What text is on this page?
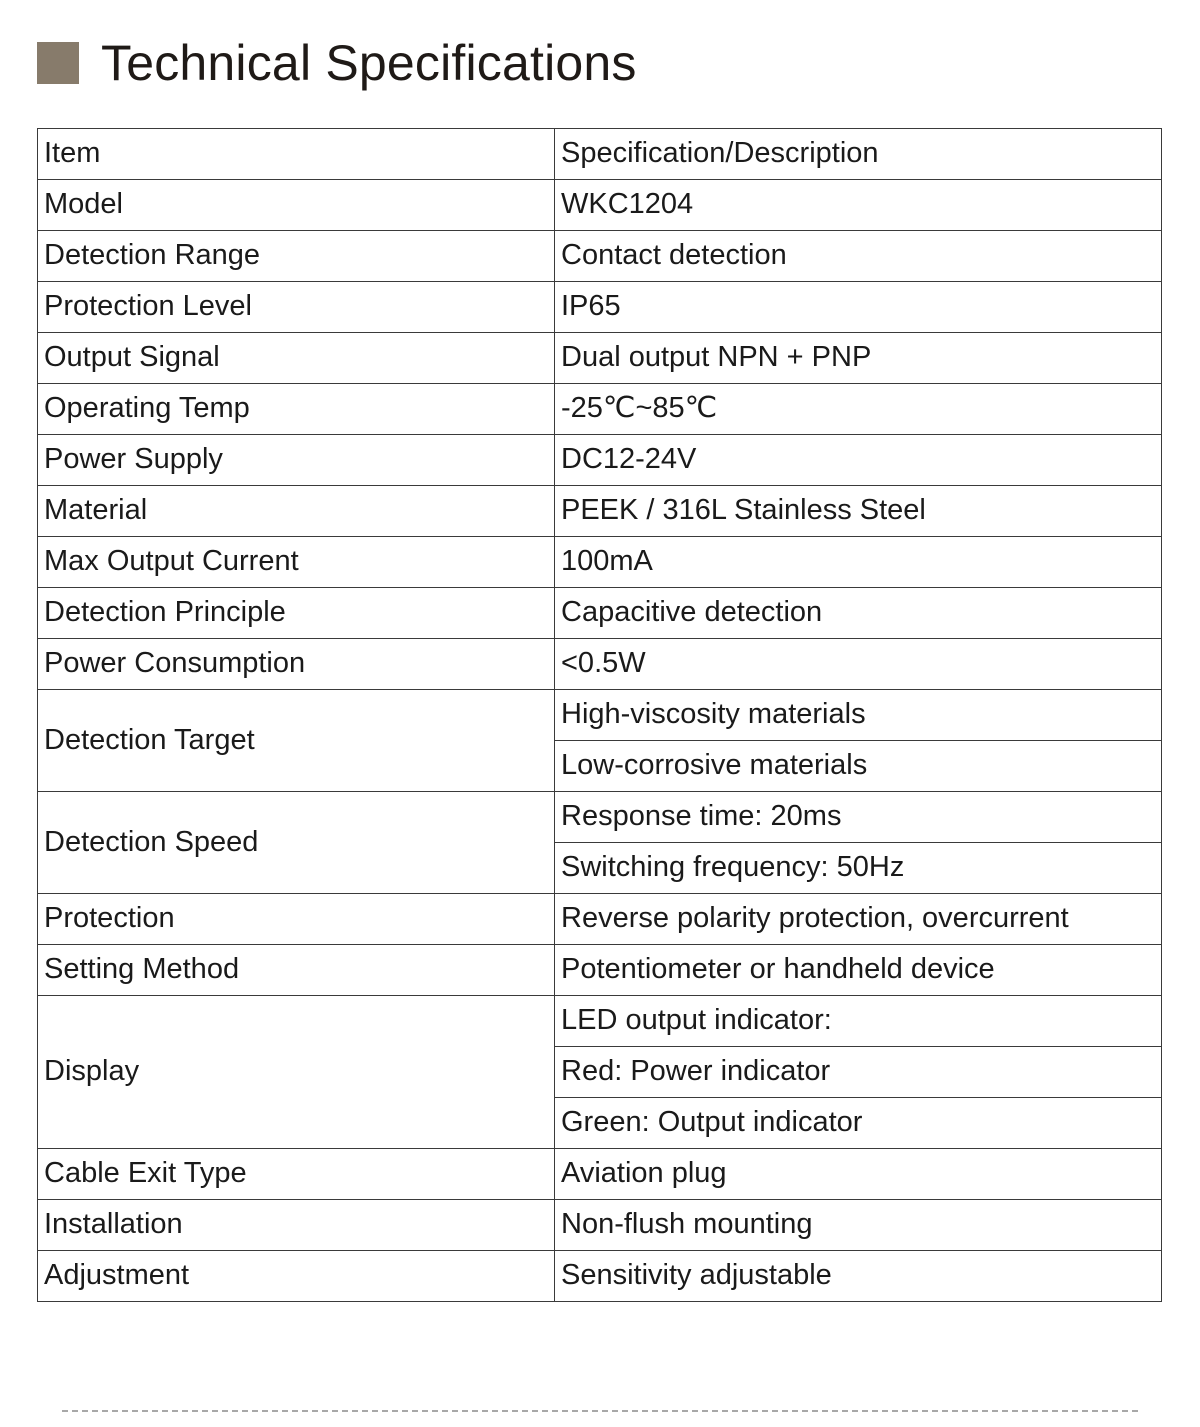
Technical Specifications
Item	Specification/Description
Model	WKC1204
Detection Range	Contact detection
Protection Level	IP65
Output Signal	Dual output NPN + PNP
Operating Temp	-25℃~85℃
Power Supply	DC12-24V
Material	PEEK / 316L Stainless Steel
Max Output Current	100mA
Detection Principle	Capacitive detection
Power Consumption	<0.5W
Detection Target	High-viscosity materials
	Low-corrosive materials
Detection Speed	Response time: 20ms
	Switching frequency: 50Hz
Protection	Reverse polarity protection, overcurrent

Setting Method	Potentiometer or handheld device
Display	LED output indicator:
	Red: Power indicator
	Green: Output indicator
Cable Exit Type	Aviation plug
Installation	Non-flush mounting
Adjustment	Sensitivity adjustable
